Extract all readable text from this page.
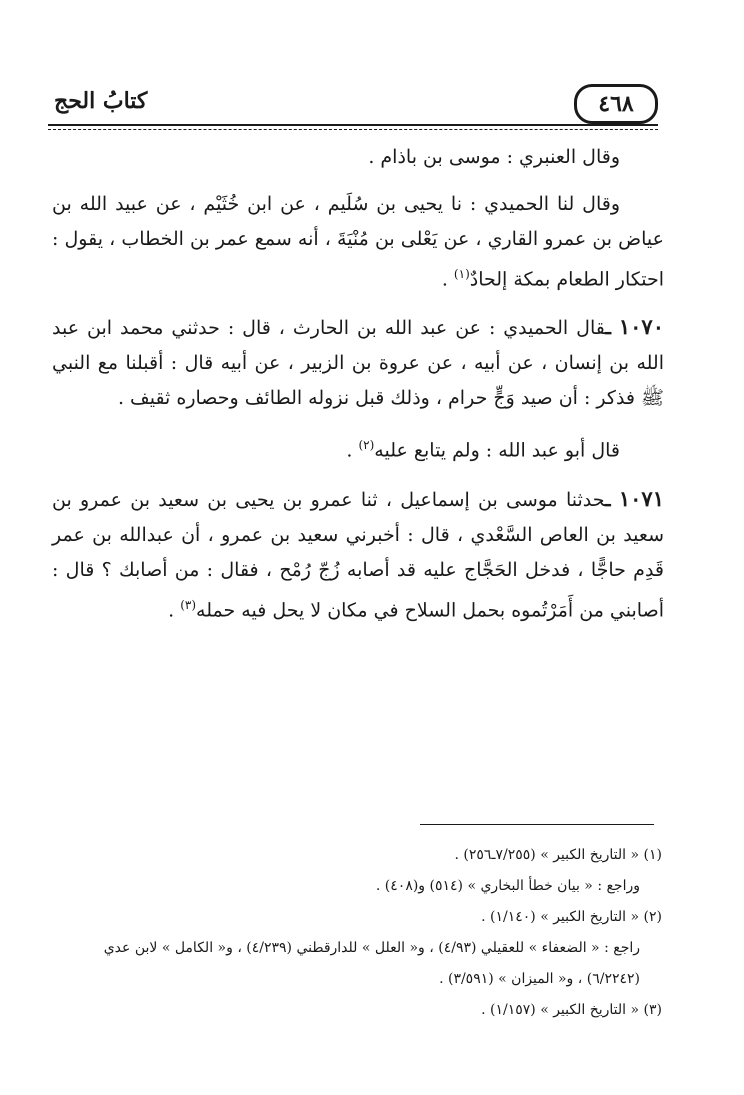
كتابُ الحج	٤٦٨

وقال العنبري : موسى بن باذام .

وقال لنا الحميدي : نا يحيى بن سُلَيم ، عن ابن خُثَيْم ، عن عبيد الله بن عياض بن عمرو القاري ، عن يَعْلى بن مُنْيَةَ ، أنه سمع عمر بن الخطاب ، يقول : احتكار الطعام بمكة إلحادٌ$^{(١)}$ .

١٠٧٠ ـقال الحميدي : عن عبد الله بن الحارث ، قال : حدثني محمد ابن عبد الله بن إنسان ، عن أبيه ، عن عروة بن الزبير ، عن أبيه قال : أقبلنا مع النبي ﷺ فذكر : أن صيد وَجٍّ حرام ، وذلك قبل نزوله الطائف وحصاره ثقيف .

قال أبو عبد الله : ولم يتابع عليه$^{(٢)}$ .

١٠٧١ ـحدثنا موسى بن إسماعيل ، ثنا عمرو بن يحيى بن سعيد بن عمرو بن سعيد بن العاص السَّعْدي ، قال : أخبرني سعيد بن عمرو ، أن عبدالله بن عمر قَدِم حاجًّا ، فدخل الحَجَّاج عليه قد أصابه زُجّ رُمْح ، فقال : من أصابك ؟ قال : أصابني من أَمَرْتُموه بحمل السلاح في مكان لا يحل فيه حمله$^{(٣)}$ .

(١) « التاريخ الكبير » (٧/٢٥٥ـ٢٥٦) .

وراجع : « بيان خطأ البخاري » (٥١٤) و(٤٠٨) .

(٢) « التاريخ الكبير » (١/١٤٠) .

راجع : « الضعفاء » للعقيلي (٤/٩٣) ، و« العلل » للدارقطني (٤/٢٣٩) ، و« الكامل » لابن عدي (٦/٢٢٤٢) ، و« الميزان » (٣/٥٩١) .

(٣) « التاريخ الكبير » (١/١٥٧) .
